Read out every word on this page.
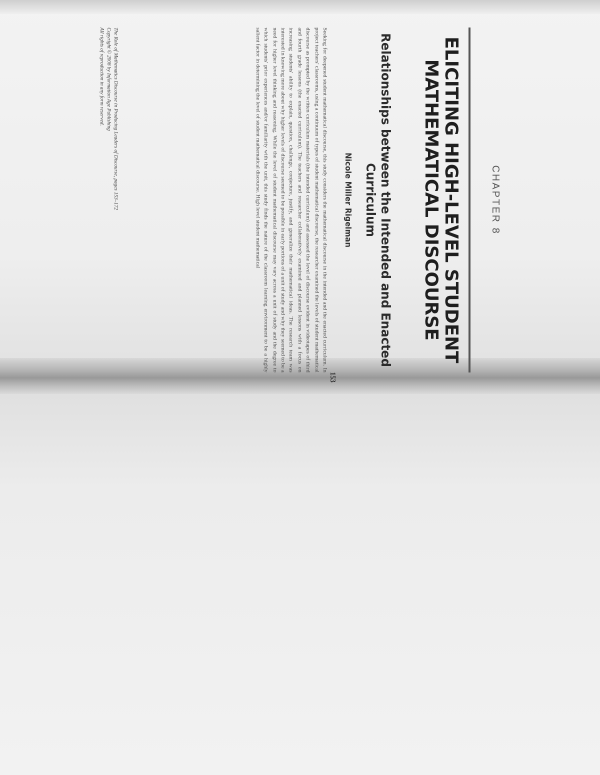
CHAPTER 8
ELICITING HIGH-LEVEL STUDENT MATHEMATICAL DISCOURSE
Relationships between the Intended and Enacted Curriculum
Nicole Miller Rigelman
153
Seeking for deepened student mathematical discourse, this study considers the mathematical discourse in the intended and the enacted curriculum. In project teachers' classrooms, using a continuum of types of student mathematical discourse, the researcher examined the levels of student mathematical discourse as prompted by the written curriculum materials (the intended curriculum) and assessed the level of discourse evident in videotapes of third and fourth grade lessons (the enacted curriculum). The teachers and researcher collaboratively examined and planned lessons with a focus on increasing students' ability to explain, question, challenge, conjecture, justify, and generalize their mathematical ideas. The research team was interested in knowing more about why higher levels of discourse seemed to be possible in early portions of a unit of study and why they seemed to be a need for higher level thinking and reasoning. While the level of student mathematical discourse may vary across a unit of study and the degree to which students' prior experiences and/or familiarity with the unit, this study finds the nature of the classroom learning environment to be a highly salient factor in determining the level of student mathematical discourse. High level student mathematical
The Role of Mathematics Discourse in Producing Leaders of Discourse, pages 153–172
Copyright © 2008 by Information Age Publishing
All rights of reproduction in any form reserved.
